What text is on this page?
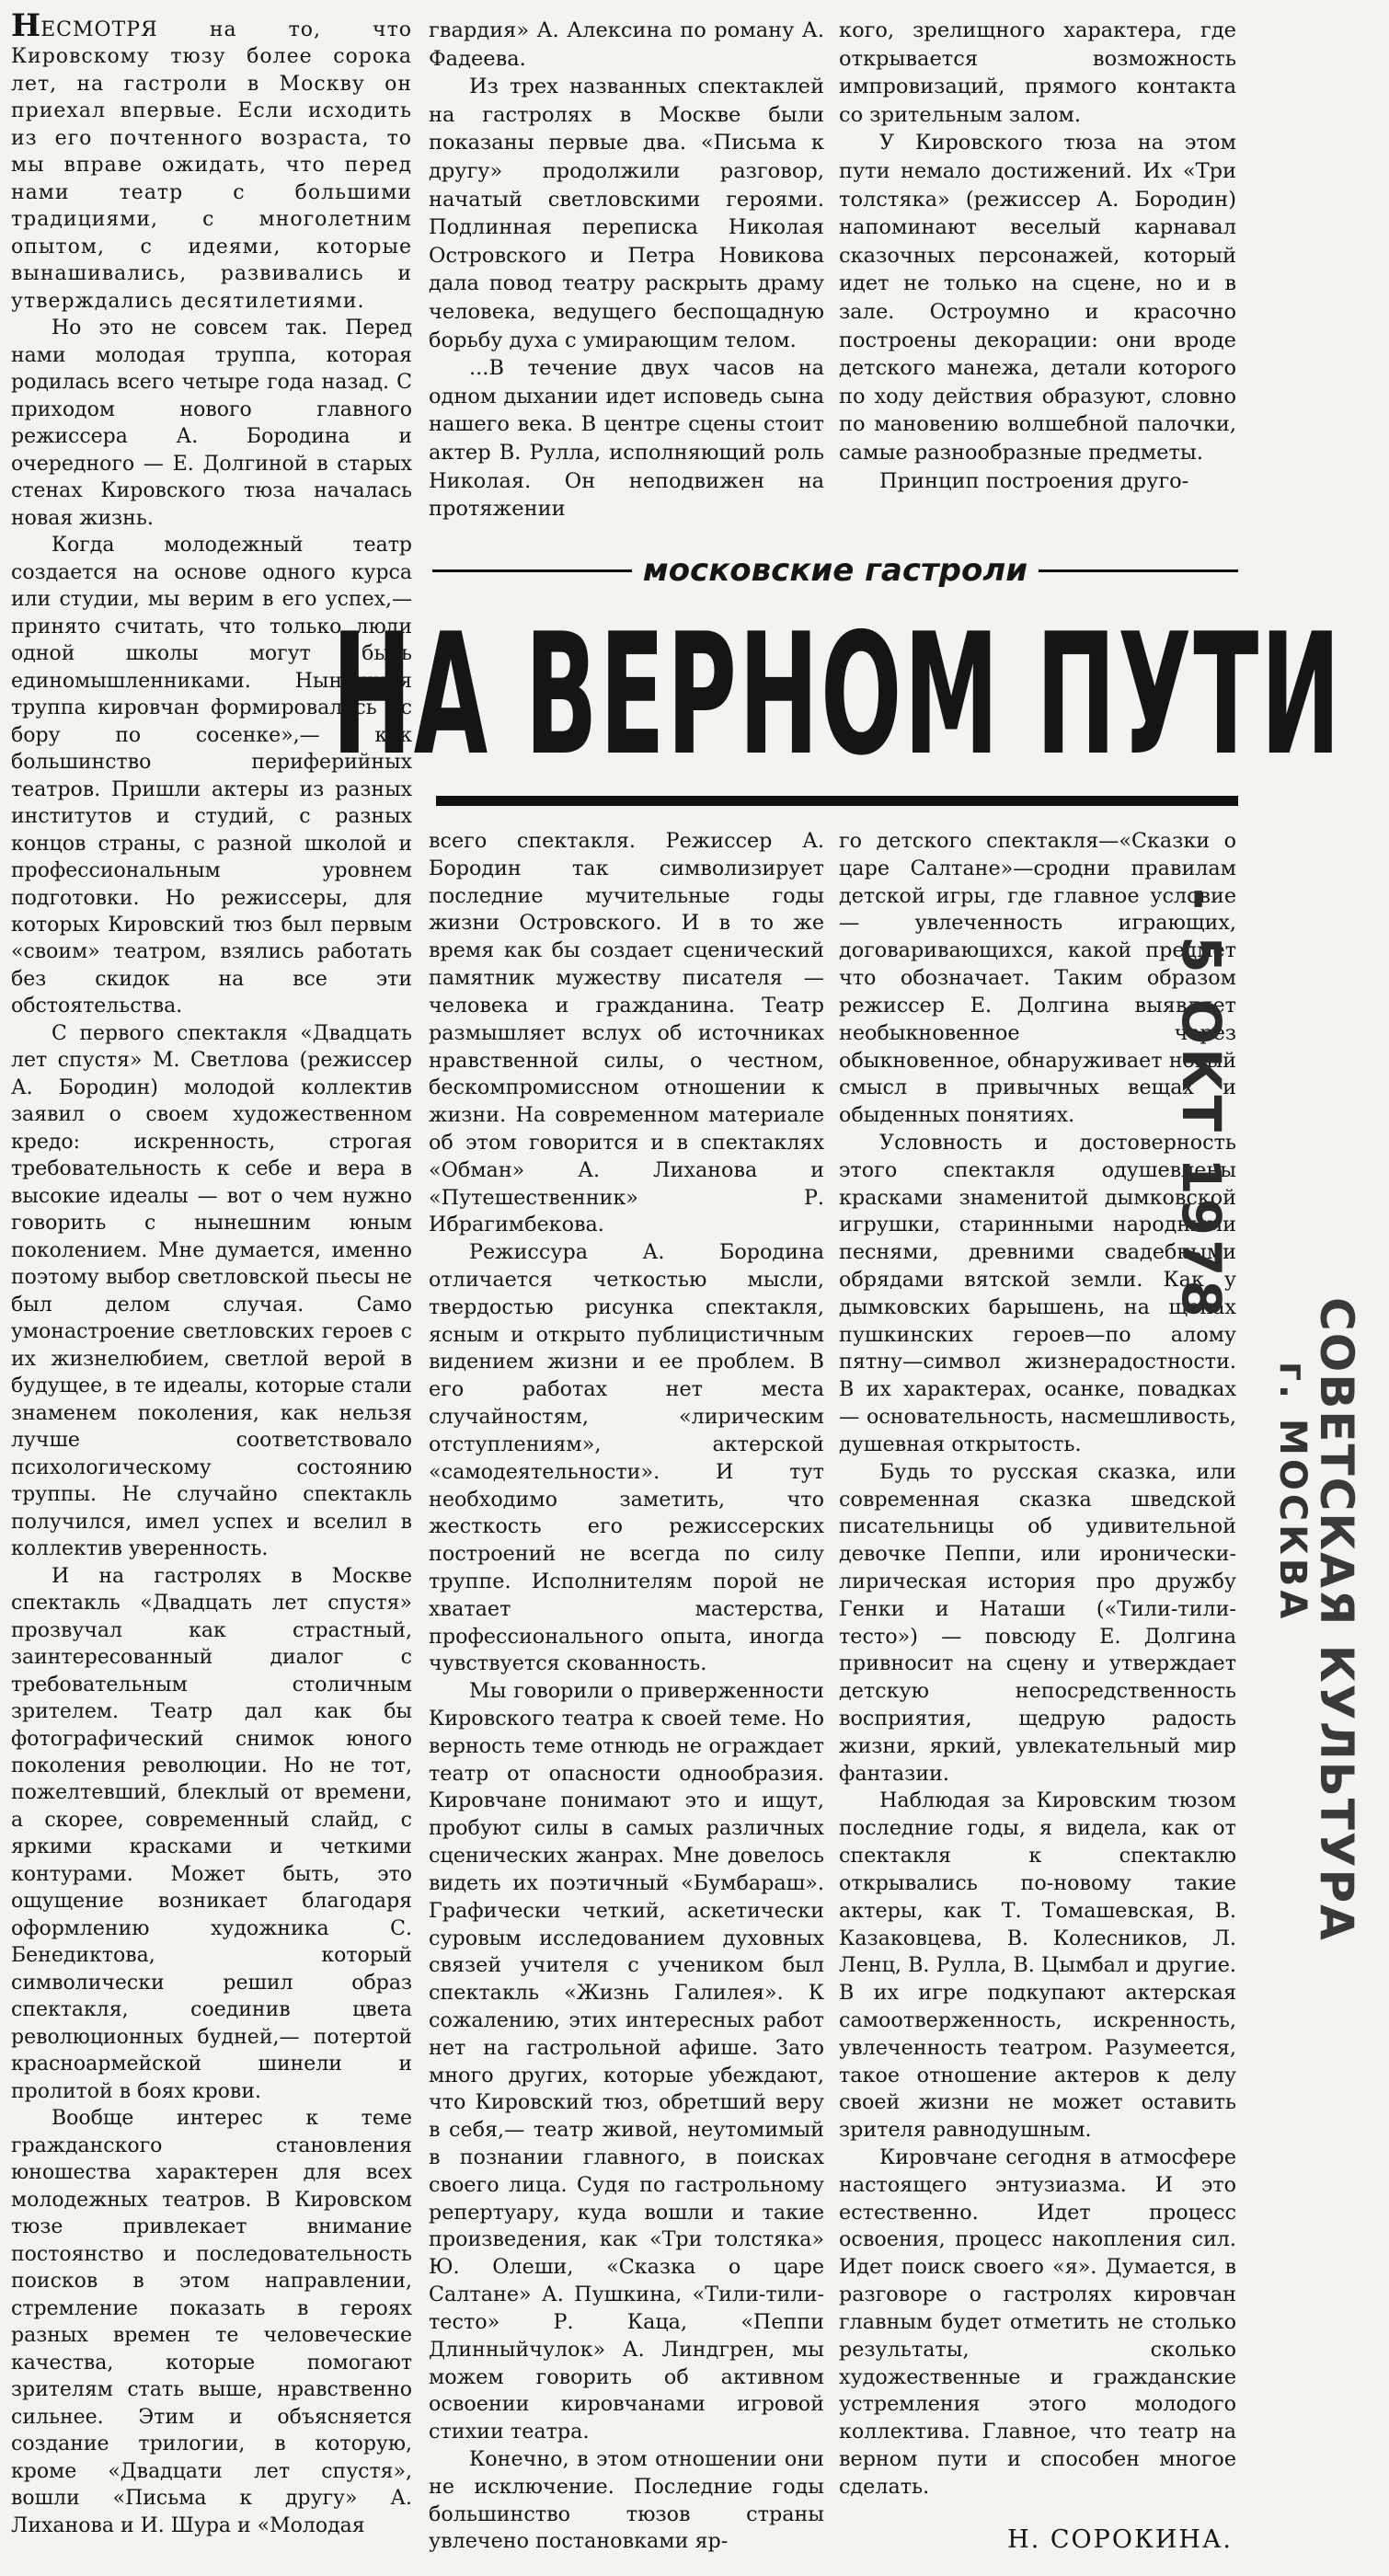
НЕСМОТРЯ на то, что Кировскому тюзу более сорока лет, на гастроли в Москву он приехал впервые. Если исходить из его почтенного возраста, то мы вправе ожидать, что перед нами театр с большими традициями, с многолетним опытом, с идеями, которые вынашивались, развивались и утверждались десятилетиями.

Но это не совсем так. Перед нами молодая труппа, которая родилась всего четыре года назад. С приходом нового главного режиссера А. Бородина и очередного — Е. Долгиной в старых стенах Кировского тюза началась новая жизнь.

Когда молодежный театр создается на основе одного курса или студии, мы верим в его успех,— принято считать, что только люди одной школы могут быть единомышленниками. Нынешняя труппа кировчан формировалась «с бору по сосенке»,— как большинство периферийных театров. Пришли актеры из разных институтов и студий, с разных концов страны, с разной школой и профессиональным уровнем подготовки. Но режиссеры, для которых Кировский тюз был первым «своим» театром, взялись работать без скидок на все эти обстоятельства.

С первого спектакля «Двадцать лет спустя» М. Светлова (режиссер А. Бородин) молодой коллектив заявил о своем художественном кредо: искренность, строгая требовательность к себе и вера в высокие идеалы — вот о чем нужно говорить с нынешним юным поколением. Мне думается, именно поэтому выбор светловской пьесы не был делом случая. Само умонастроение светловских героев с их жизнелюбием, светлой верой в будущее, в те идеалы, которые стали знаменем поколения, как нельзя лучше соответствовало психологическому состоянию труппы. Не случайно спектакль получился, имел успех и вселил в коллектив уверенность.

И на гастролях в Москве спектакль «Двадцать лет спустя» прозвучал как страстный, заинтересованный диалог с требовательным столичным зрителем. Театр дал как бы фотографический снимок юного поколения революции. Но не тот, пожелтевший, блеклый от времени, а скорее, современный слайд, с яркими красками и четкими контурами. Может быть, это ощущение возникает благодаря оформлению художника С. Бенедиктова, который символически решил образ спектакля, соединив цвета революционных будней,— потертой красноармейской шинели и пролитой в боях крови.

Вообще интерес к теме гражданского становления юношества характерен для всех молодежных театров. В Кировском тюзе привлекает внимание постоянство и последовательность поисков в этом направлении, стремление показать в героях разных времен те человеческие качества, которые помогают зрителям стать выше, нравственно сильнее. Этим и объясняется создание трилогии, в которую, кроме «Двадцати лет спустя», вошли «Письма к другу» А. Лиханова и И. Шура и «Молодая

гвардия» А. Алексина по роману А. Фадеева.

Из трех названных спектаклей на гастролях в Москве были показаны первые два. «Письма к другу» продолжили разговор, начатый светловскими героями. Подлинная переписка Николая Островского и Петра Новикова дала повод театру раскрыть драму человека, ведущего беспощадную борьбу духа с умирающим телом.

...В течение двух часов на одном дыхании идет исповедь сына нашего века. В центре сцены стоит актер В. Рулла, исполняющий роль Николая. Он неподвижен на протяжении

кого, зрелищного характера, где открывается возможность импровизаций, прямого контакта со зрительным залом.

У Кировского тюза на этом пути немало достижений. Их «Три толстяка» (режиссер А. Бородин) напоминают веселый карнавал сказочных персонажей, который идет не только на сцене, но и в зале. Остроумно и красочно построены декорации: они вроде детского манежа, детали которого по ходу действия образуют, словно по мановению волшебной палочки, самые разнообразные предметы.

Принцип построения друго-

московские гастроли
НА ВЕРНОМ ПУТИ

всего спектакля. Режиссер А. Бородин так символизирует последние мучительные годы жизни Островского. И в то же время как бы создает сценический памятник мужеству писателя — человека и гражданина. Театр размышляет вслух об источниках нравственной силы, о честном, бескомпромиссном отношении к жизни. На современном материале об этом говорится и в спектаклях «Обман» А. Лиханова и «Путешественник» Р. Ибрагимбекова.

Режиссура А. Бородина отличается четкостью мысли, твердостью рисунка спектакля, ясным и открыто публицистичным видением жизни и ее проблем. В его работах нет места случайностям, «лирическим отступлениям», актерской «самодеятельности». И тут необходимо заметить, что жесткость его режиссерских построений не всегда по силу труппе. Исполнителям порой не хватает мастерства, профессионального опыта, иногда чувствуется скованность.

Мы говорили о приверженности Кировского театра к своей теме. Но верность теме отнюдь не ограждает театр от опасности однообразия. Кировчане понимают это и ищут, пробуют силы в самых различных сценических жанрах. Мне довелось видеть их поэтичный «Бумбараш». Графически четкий, аскетически суровым исследованием духовных связей учителя с учеником был спектакль «Жизнь Галилея». К сожалению, этих интересных работ нет на гастрольной афише. Зато много других, которые убеждают, что Кировский тюз, обретший веру в себя,— театр живой, неутомимый в познании главного, в поисках своего лица. Судя по гастрольному репертуару, куда вошли и такие произведения, как «Три толстяка» Ю. Олеши, «Сказка о царе Салтане» А. Пушкина, «Тили-тили-тесто» Р. Кацa, «Пеппи Длинныйчулок» А. Линдгрен, мы можем говорить об активном освоении кировчанами игровой стихии театра.

Конечно, в этом отношении они не исключение. Последние годы большинство тюзов страны увлечено постановками яр-

го детского спектакля—«Сказки о царе Салтане»—сродни правилам детской игры, где главное условие — увлеченность играющих, договаривающихся, какой предмет что обозначает. Таким образом режиссер Е. Долгина выявляет необыкновенное через обыкновенное, обнаруживает новый смысл в привычных вещах и обыденных понятиях.

Условность и достоверность этого спектакля одушевлены красками знаменитой дымковской игрушки, старинными народными песнями, древними свадебными обрядами вятской земли. Как у дымковских барышень, на щеках пушкинских героев—по алому пятну—символ жизнерадостности. В их характерах, осанке, повадках — основательность, насмешливость, душевная открытость.

Будь то русская сказка, или современная сказка шведской писательницы об удивительной девочке Пеппи, или иронически-лирическая история про дружбу Генки и Наташи («Тили-тили-тесто») — повсюду Е. Долгина привносит на сцену и утверждает детскую непосредственность восприятия, щедрую радость жизни, яркий, увлекательный мир фантазии.

Наблюдая за Кировским тюзом последние годы, я видела, как от спектакля к спектаклю открывались по-новому такие актеры, как Т. Томашевская, В. Казаковцева, В. Колесников, Л. Ленц, В. Рулла, В. Цымбал и другие. В их игре подкупают актерская самоотверженность, искренность, увлеченность театром. Разумеется, такое отношение актеров к делу своей жизни не может оставить зрителя равнодушным.

Кировчане сегодня в атмосфере настоящего энтузиазма. И это естественно. Идет процесс освоения, процесс накопления сил. Идет поиск своего «я». Думается, в разговоре о гастролях кировчан главным будет отметить не столько результаты, сколько художественные и гражданские устремления этого молодого коллектива. Главное, что театр на верном пути и способен многое сделать.

Н. СОРОКИНА.
- 5 ОКТ 1978
СОВЕТСКАЯ КУЛЬТУРА
г. МОСКВА
